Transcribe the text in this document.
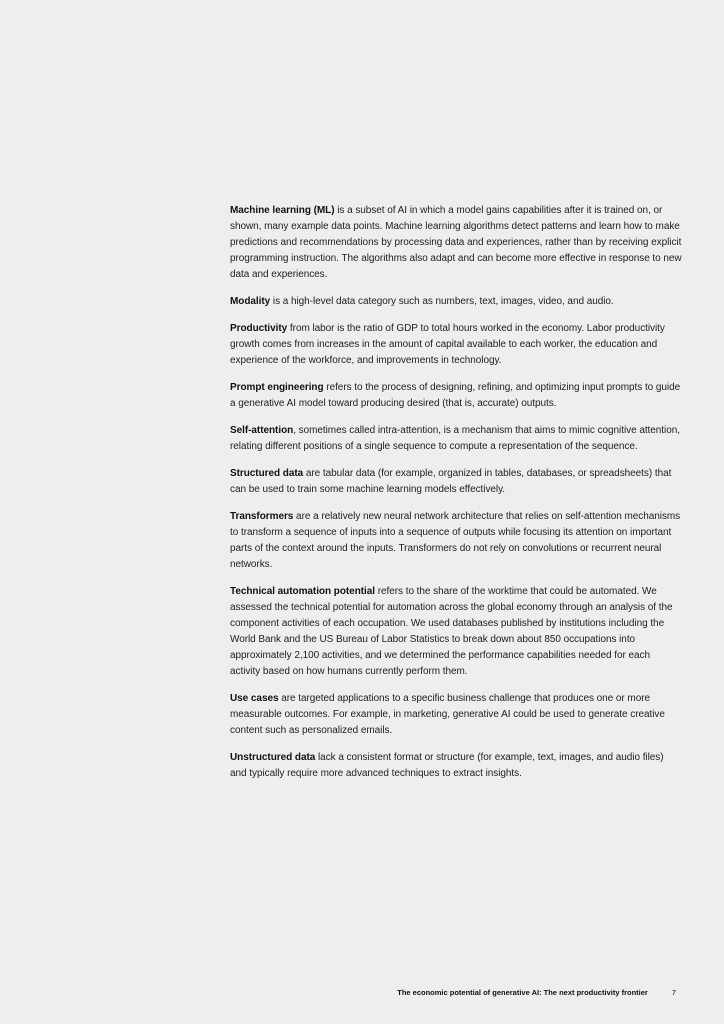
Machine learning (ML) is a subset of AI in which a model gains capabilities after it is trained on, or shown, many example data points. Machine learning algorithms detect patterns and learn how to make predictions and recommendations by processing data and experiences, rather than by receiving explicit programming instruction. The algorithms also adapt and can become more effective in response to new data and experiences.

Modality is a high-level data category such as numbers, text, images, video, and audio.

Productivity from labor is the ratio of GDP to total hours worked in the economy. Labor productivity growth comes from increases in the amount of capital available to each worker, the education and experience of the workforce, and improvements in technology.

Prompt engineering refers to the process of designing, refining, and optimizing input prompts to guide a generative AI model toward producing desired (that is, accurate) outputs.

Self-attention, sometimes called intra-attention, is a mechanism that aims to mimic cognitive attention, relating different positions of a single sequence to compute a representation of the sequence.

Structured data are tabular data (for example, organized in tables, databases, or spreadsheets) that can be used to train some machine learning models effectively.

Transformers are a relatively new neural network architecture that relies on self-attention mechanisms to transform a sequence of inputs into a sequence of outputs while focusing its attention on important parts of the context around the inputs. Transformers do not rely on convolutions or recurrent neural networks.

Technical automation potential refers to the share of the worktime that could be automated. We assessed the technical potential for automation across the global economy through an analysis of the component activities of each occupation. We used databases published by institutions including the World Bank and the US Bureau of Labor Statistics to break down about 850 occupations into approximately 2,100 activities, and we determined the performance capabilities needed for each activity based on how humans currently perform them.

Use cases are targeted applications to a specific business challenge that produces one or more measurable outcomes. For example, in marketing, generative AI could be used to generate creative content such as personalized emails.

Unstructured data lack a consistent format or structure (for example, text, images, and audio files) and typically require more advanced techniques to extract insights.

The economic potential of generative AI: The next productivity frontier	7
